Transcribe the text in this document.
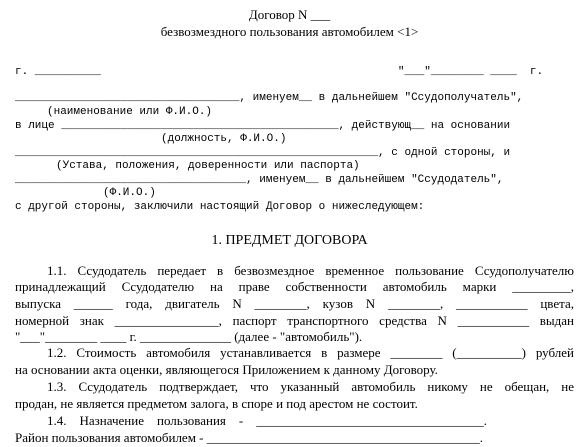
Договор N ___
безвозмездного пользования автомобилем <1>
г. __________                                             "___"________ ____  г.
__________________________________, именуем__ в дальнейшем "Ссудополучатель",
(наименование или Ф.И.О.)
в лице __________________________________________, действующ__ на основании
(должность, Ф.И.О.)
_______________________________________________________, с одной стороны, и
(Устава, положения, доверенности или паспорта)
___________________________________, именуем__ в дальнейшем "Ссудодатель",
(Ф.И.О.)
с другой стороны, заключили настоящий Договор о нижеследующем:
1. ПРЕДМЕТ ДОГОВОРА
1.1. Ссудодатель передает в безвозмездное временное пользование Ссудополучателю
принадлежащий Ссудодателю на праве собственности автомобиль марки _________,
выпуска ______ года, двигатель N ________, кузов N ________, ___________ цвета,
номерной знак ________________, паспорт транспортного средства N ___________ выдан
"___"________ ____ г. ______________ (далее - "автомобиль").
1.2. Стоимость автомобиля устанавливается в размере ________ (__________) рублей
на основании акта оценки, являющегося Приложением к данному Договору.
1.3. Ссудодатель подтверждает, что указанный автомобиль никому не обещан, не
продан, не является предметом залога, в споре и под арестом не состоит.
1.4.    Назначение    пользования    -    ___________________________________.
Район пользования автомобилем - __________________________________________.
